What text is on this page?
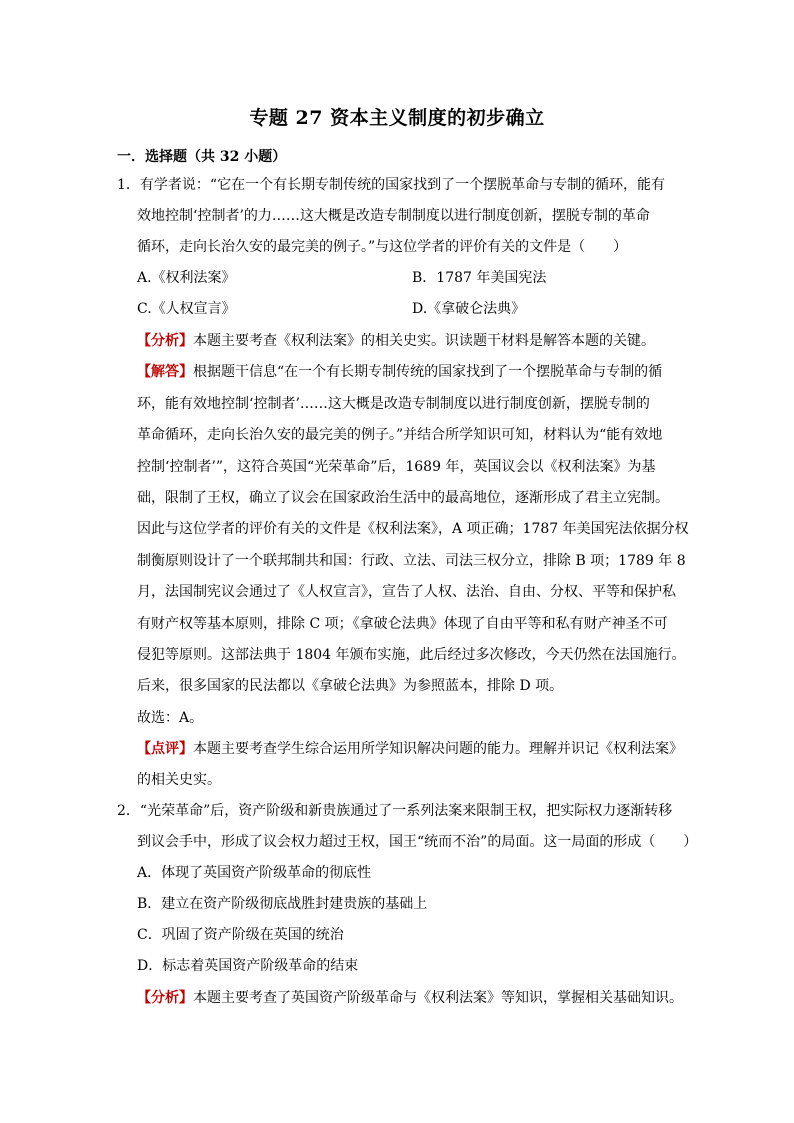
专题 27 资本主义制度的初步确立
一．选择题（共 32 小题）
1．有学者说：“它在一个有长期专制传统的国家找到了一个摆脱革命与专制的循环，能有
效地控制‘控制者’的力……这大概是改造专制制度以进行制度创新，摆脱专制的革命
循环，走向长治久安的最完美的例子。”与这位学者的评价有关的文件是（　　）
A.《权利法案》	B．1787 年美国宪法
C.《人权宣言》	D.《拿破仑法典》
【分析】本题主要考查《权利法案》的相关史实。识读题干材料是解答本题的关键。
【解答】根据题干信息“在一个有长期专制传统的国家找到了一个摆脱革命与专制的循
环，能有效地控制‘控制者’……这大概是改造专制制度以进行制度创新，摆脱专制的
革命循环，走向长治久安的最完美的例子。”并结合所学知识可知，材料认为“能有效地
控制‘控制者’”，这符合英国“光荣革命”后，1689 年，英国议会以《权利法案》为基
础，限制了王权，确立了议会在国家政治生活中的最高地位，逐渐形成了君主立宪制。
因此与这位学者的评价有关的文件是《权利法案》，A 项正确；1787 年美国宪法依据分权
制衡原则设计了一个联邦制共和国：行政、立法、司法三权分立，排除 B 项；1789 年 8
月，法国制宪议会通过了《人权宣言》，宣告了人权、法治、自由、分权、平等和保护私
有财产权等基本原则，排除 C 项；《拿破仑法典》体现了自由平等和私有财产神圣不可
侵犯等原则。这部法典于 1804 年颁布实施，此后经过多次修改，今天仍然在法国施行。
后来，很多国家的民法都以《拿破仑法典》为参照蓝本，排除 D 项。
故选：A。
【点评】本题主要考查学生综合运用所学知识解决问题的能力。理解并识记《权利法案》
的相关史实。
2．“光荣革命”后，资产阶级和新贵族通过了一系列法案来限制王权，把实际权力逐渐转移
到议会手中，形成了议会权力超过王权，国王“统而不治”的局面。这一局面的形成（　　）
A．体现了英国资产阶级革命的彻底性
B．建立在资产阶级彻底战胜封建贵族的基础上
C．巩固了资产阶级在英国的统治
D．标志着英国资产阶级革命的结束
【分析】本题主要考查了英国资产阶级革命与《权利法案》等知识，掌握相关基础知识。
